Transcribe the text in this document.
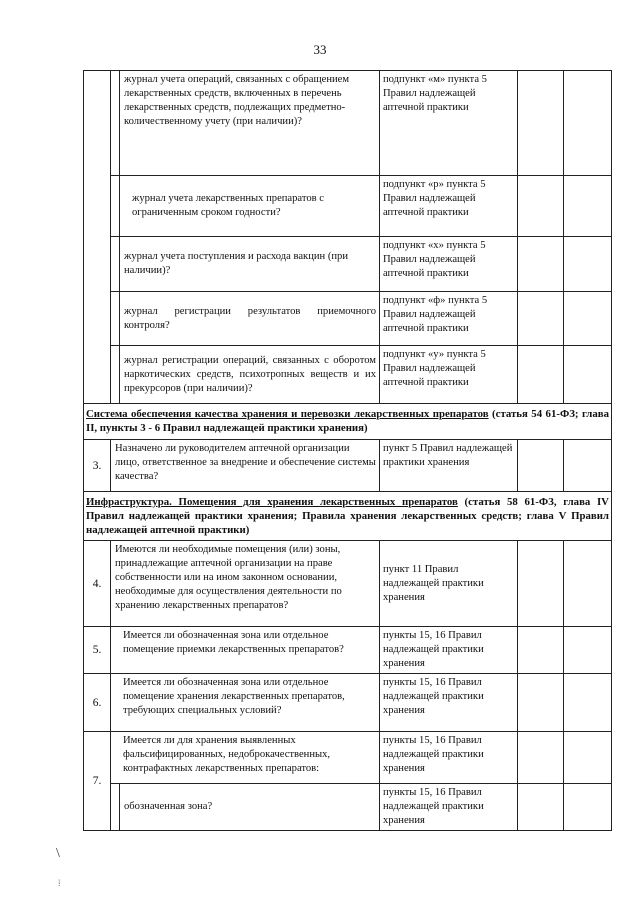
33
		журнал учета операций, связанных с обращением лекарственных средств, включенных в перечень лекарственных средств, подлежащих предметно-количественному учету (при наличии)?	подпункт «м» пункта 5 Правил надлежащей аптечной практики		
		журнал учета лекарственных препаратов с ограниченным сроком годности?	подпункт «р» пункта 5 Правил надлежащей аптечной практики		
		журнал учета поступления и расхода вакцин (при наличии)?	подпункт «х» пункта 5 Правил надлежащей аптечной практики		
		журнал регистрации результатов приемочного контроля?	подпункт «ф» пункта 5 Правил надлежащей аптечной практики		
		журнал регистрации операций, связанных с оборотом наркотических средств, психотропных веществ и их прекурсоров (при наличии)?	подпункт «у» пункта 5 Правил надлежащей аптечной практики		
Система обеспечения качества хранения и перевозки лекарственных препаратов (статья 54 61-ФЗ; глава II, пункты 3 - 6 Правил надлежащей практики хранения)					
3.	Назначено ли руководителем аптечной организации лицо, ответственное за внедрение и обеспечение системы качества?		пункт 5 Правил надлежащей практики хранения		
Инфраструктура. Помещения для хранения лекарственных препаратов (статья 58 61-ФЗ, глава IV Правил надлежащей практики хранения; Правила хранения лекарственных средств; глава V Правил надлежащей аптечной практики)					
4.	Имеются ли необходимые помещения (или) зоны, принадлежащие аптечной организации на праве собственности или на ином законном основании, необходимые для осуществления деятельности по хранению лекарственных препаратов?		пункт 11 Правил надлежащей практики хранения		
5.	Имеется ли обозначенная зона или отдельное помещение приемки лекарственных препаратов?		пункты 15, 16 Правил надлежащей практики хранения		
6.	Имеется ли обозначенная зона или отдельное помещение хранения лекарственных препаратов, требующих специальных условий?		пункты 15, 16 Правил надлежащей практики хранения		
7.	Имеется ли для хранения выявленных фальсифицированных, недоброкачественных, контрафактных лекарственных препаратов:		пункты 15, 16 Правил надлежащей практики хранения		
		обозначенная зона?	пункты 15, 16 Правил надлежащей практики хранения		
\
⁞
